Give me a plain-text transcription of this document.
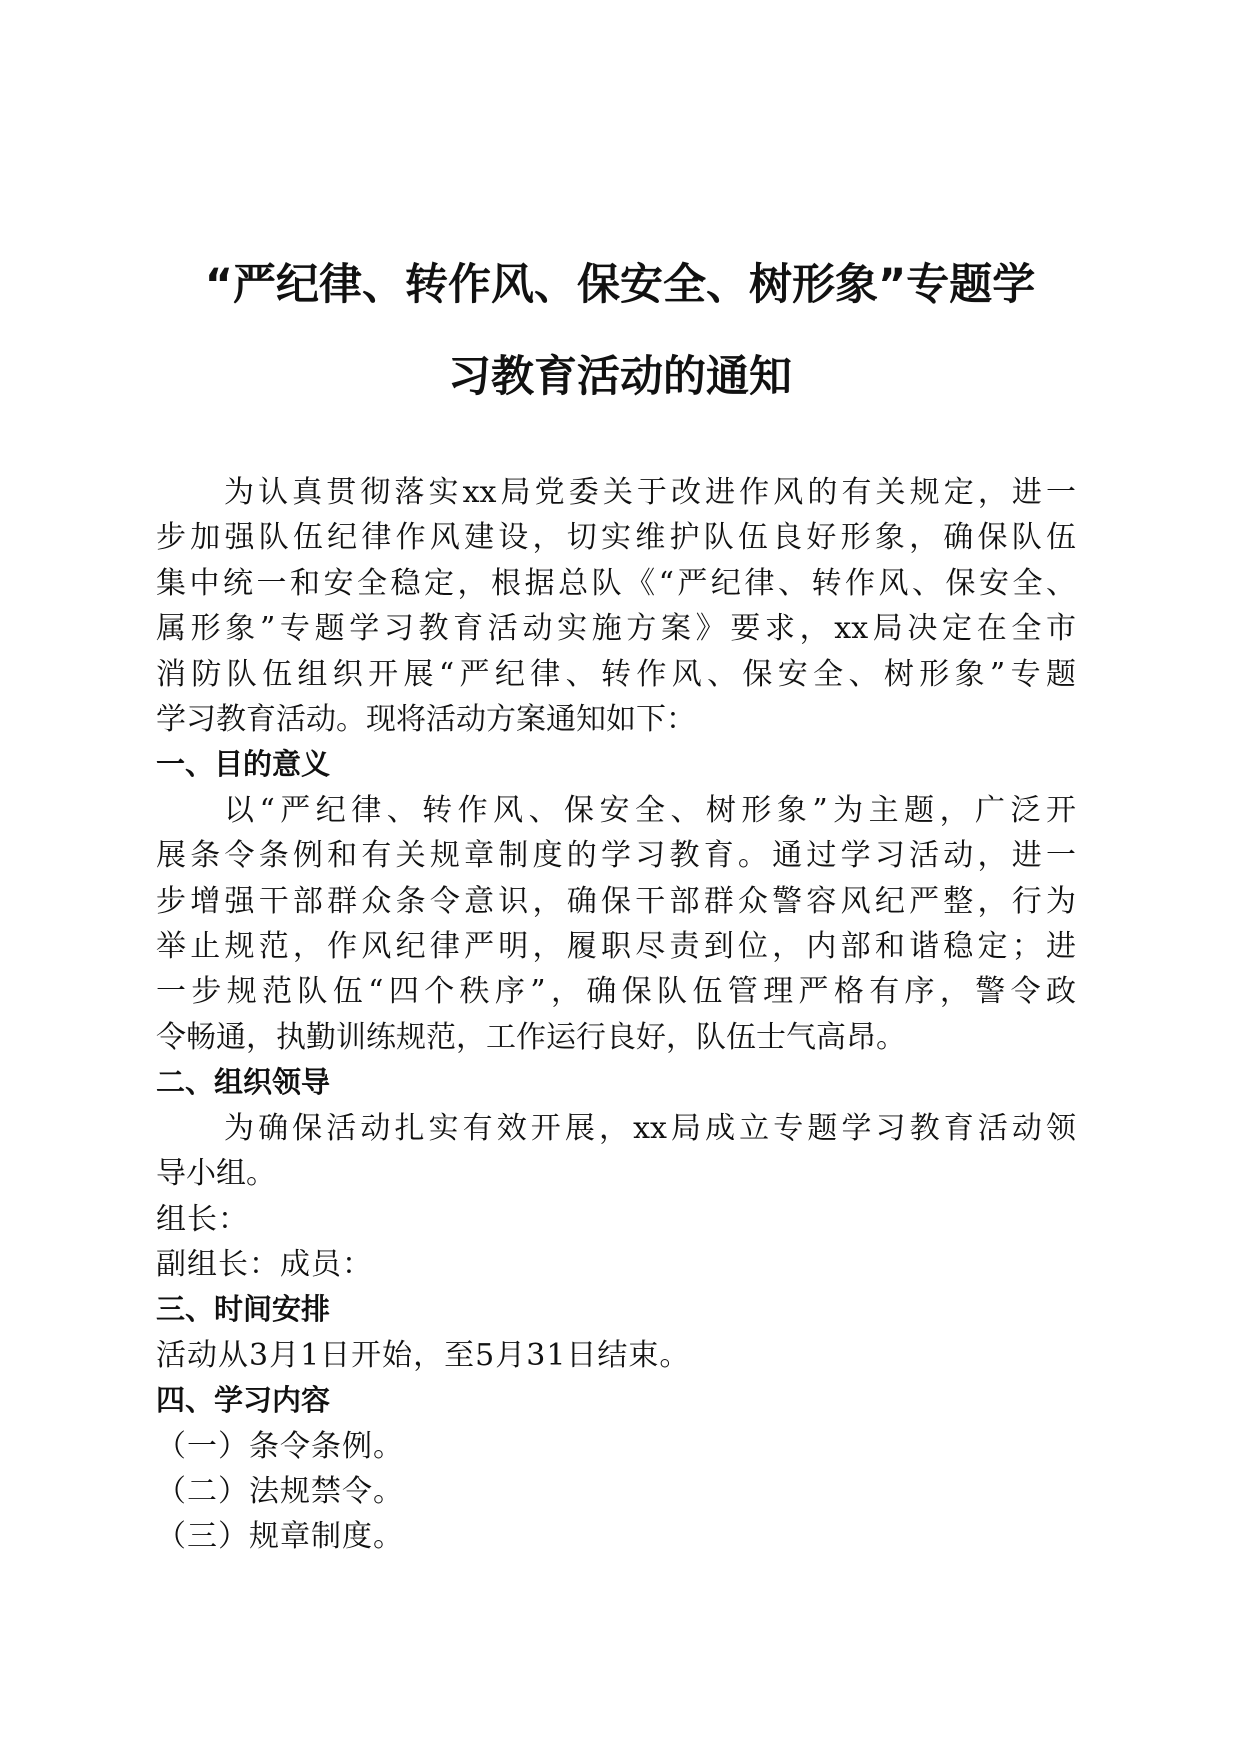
“严纪律、转作风、保安全、树形象”专题学
习教育活动的通知

为认真贯彻落实xx局党委关于改进作风的有关规定，进一
步加强队伍纪律作风建设，切实维护队伍良好形象，确保队伍
集中统一和安全稳定，根据总队《“严纪律、转作风、保安全、
属形象”专题学习教育活动实施方案》要求，xx局决定在全市
消防队伍组织开展“严纪律、转作风、保安全、树形象”专题
学习教育活动。现将活动方案通知如下：

一、目的意义

以“严纪律、转作风、保安全、树形象”为主题，广泛开
展条令条例和有关规章制度的学习教育。通过学习活动，进一
步增强干部群众条令意识，确保干部群众警容风纪严整，行为
举止规范，作风纪律严明，履职尽责到位，内部和谐稳定；进
一步规范队伍“四个秩序”，确保队伍管理严格有序，警令政
令畅通，执勤训练规范，工作运行良好，队伍士气高昂。

二、组织领导

为确保活动扎实有效开展，xx局成立专题学习教育活动领
导小组。

组长：

副组长：成员：

三、时间安排

活动从3月1日开始，至5月31日结束。

四、学习内容

（一）条令条例。

（二）法规禁令。

（三）规章制度。
